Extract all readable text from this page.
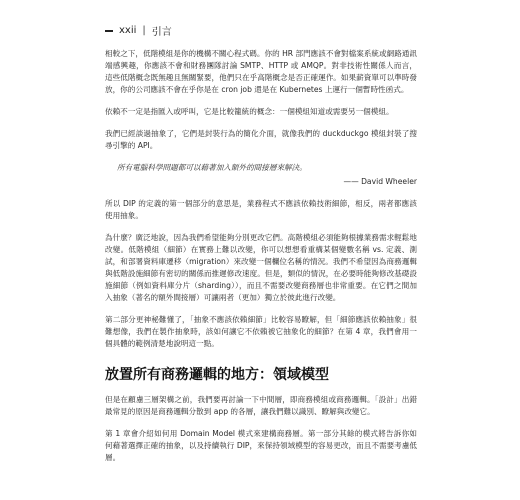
xxii | 引言

相較之下，低階模組是你的機構不關心程式碼。你的 HR 部門應該不會對檔案系統或網路通訊端感興趣，你應該不會和財務團隊討論 SMTP、HTTP 或 AMQP。對非技術性關係人而言，這些低階概念既無趣且無關緊要，他們只在乎高階概念是否正確運作。如果薪資單可以準時發放，你的公司應該不會在乎你是在 cron job 還是在 Kubernetes 上運行一個暫時性函式。

依賴不一定是指匯入或呼叫，它是比較籠統的概念：一個模組知道或需要另一個模組。

我們已經談過抽象了，它們是封裝行為的簡化介面，就像我們的 duckduckgo 模組封裝了搜尋引擎的 API。

所有電腦科學問題都可以藉著加入額外的間接層來解決。
—— David Wheeler

所以 DIP 的定義的第一個部分的意思是，業務程式不應該依賴技術細節，相反，兩者都應該使用抽象。

為什麼？廣泛地說，因為我們希望能夠分別更改它們。高階模組必須能夠根據業務需求輕鬆地改變。低階模組（細節）在實務上難以改變，你可以想想看重構某個變數名稱 vs. 定義、測試，和部署資料庫遷移（migration）來改變一個欄位名稱的情況。我們不希望因為商務邏輯與低階設施細節有密切的關係而推遲修改速度。但是，類似的情況，在必要時能夠修改基礎設施細節（例如資料庫分片（sharding）），而且不需要改變商務層也非常重要。在它們之間加入抽象（著名的額外間接層）可讓兩者（更加）獨立於彼此進行改變。

第二部分更神秘難懂了，「抽象不應該依賴細節」比較容易瞭解，但「細節應該依賴抽象」很難想像，我們在製作抽象時，該如何讓它不依賴被它抽象化的細節？在第 4 章，我們會用一個具體的範例清楚地說明這一點。

放置所有商務邏輯的地方：領域模型

但是在顧慮三層架構之前，我們要再討論一下中間層，即商務模組或商務邏輯。「設計」出錯最常見的原因是商務邏輯分散到 app 的各層，讓我們難以識別、瞭解與改變它。

第 1 章會介紹如何用 Domain Model 模式來建構商務層。第一部分其餘的模式將告訴你如何藉著選擇正確的抽象，以及持續執行 DIP，來保持領域模型的容易更改，而且不需要考慮低層。
